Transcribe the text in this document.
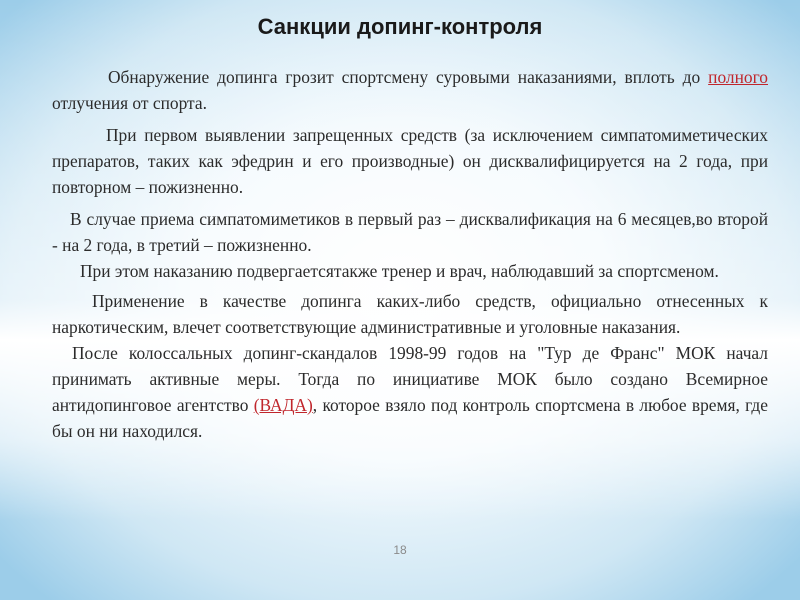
Санкции допинг-контроля

Обнаружение допинга грозит спортсмену суровыми наказаниями, вплоть до полного отлучения от спорта.

При первом выявлении запрещенных средств (за исключением симпатомиметических препаратов, таких как эфедрин и его производные) он дисквалифицируется на 2 года, при повторном – пожизненно.

В случае приема симпатомиметиков в первый раз – дисквалификация на 6 месяцев,во второй - на 2 года, в третий – пожизненно.

При этом наказанию подвергаетсятакже тренер и врач, наблюдавший за спортсменом.

Применение в качестве допинга каких-либо средств, официально отнесенных к наркотическим, влечет соответствующие административные и уголовные наказания.

После колоссальных допинг-скандалов 1998-99 годов на "Тур де Франс" МОК начал принимать активные меры. Тогда по инициативе МОК было создано Всемирное антидопинговое агентство (ВАДА), которое взяло под контроль спортсмена в любое время, где бы он ни находился.

18
